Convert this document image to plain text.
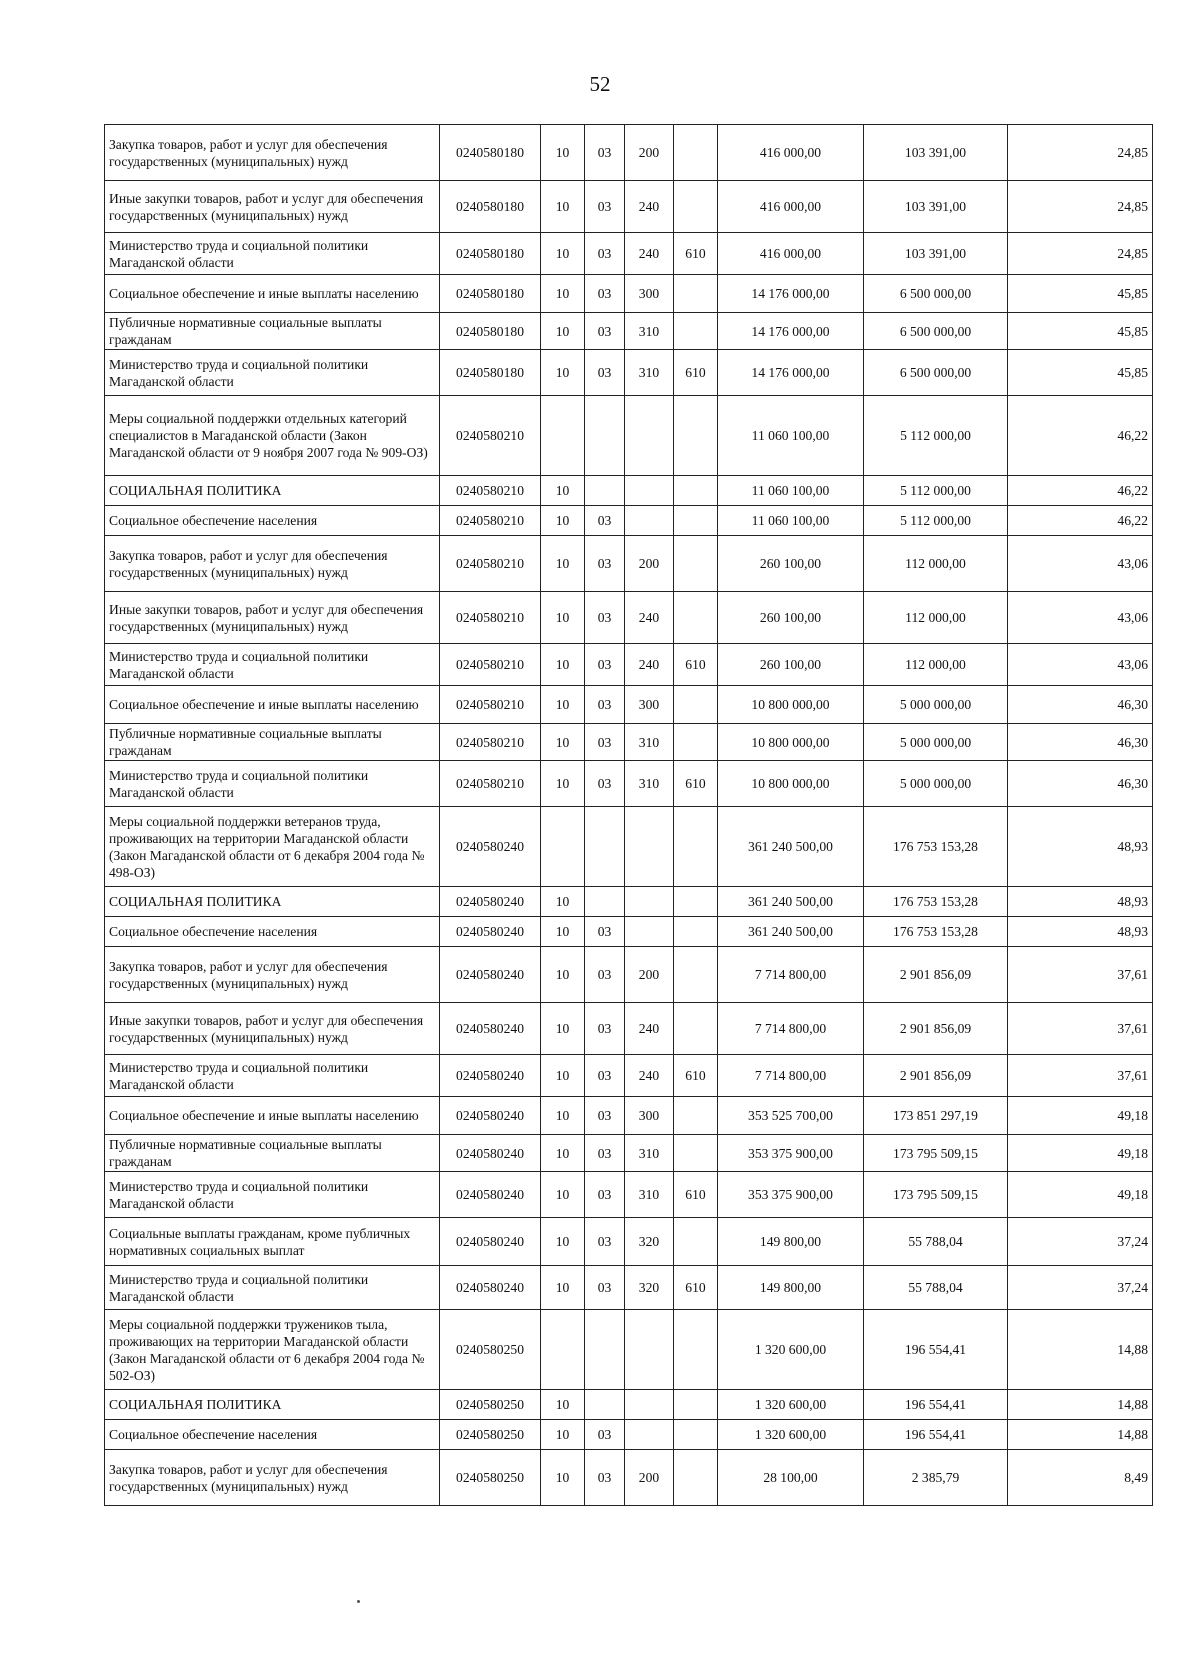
52
Закупка товаров, работ и услуг для обеспечения государственных (муниципальных) нужд	0240580180	10	03	200		416 000,00	103 391,00	24,85
Иные закупки товаров, работ и услуг для обеспечения государственных (муниципальных) нужд	0240580180	10	03	240		416 000,00	103 391,00	24,85
Министерство труда и социальной политики Магаданской области	0240580180	10	03	240	610	416 000,00	103 391,00	24,85
Социальное обеспечение и иные выплаты населению	0240580180	10	03	300		14 176 000,00	6 500 000,00	45,85
Публичные нормативные социальные выплаты гражданам	0240580180	10	03	310		14 176 000,00	6 500 000,00	45,85
Министерство труда и социальной политики Магаданской области	0240580180	10	03	310	610	14 176 000,00	6 500 000,00	45,85
Меры социальной поддержки отдельных категорий специалистов в Магаданской области (Закон Магаданской области от 9 ноября 2007 года № 909-ОЗ)	0240580210					11 060 100,00	5 112 000,00	46,22
СОЦИАЛЬНАЯ ПОЛИТИКА	0240580210	10				11 060 100,00	5 112 000,00	46,22
Социальное обеспечение населения	0240580210	10	03			11 060 100,00	5 112 000,00	46,22
Закупка товаров, работ и услуг для обеспечения государственных (муниципальных) нужд	0240580210	10	03	200		260 100,00	112 000,00	43,06
Иные закупки товаров, работ и услуг для обеспечения государственных (муниципальных) нужд	0240580210	10	03	240		260 100,00	112 000,00	43,06
Министерство труда и социальной политики Магаданской области	0240580210	10	03	240	610	260 100,00	112 000,00	43,06
Социальное обеспечение и иные выплаты населению	0240580210	10	03	300		10 800 000,00	5 000 000,00	46,30
Публичные нормативные социальные выплаты гражданам	0240580210	10	03	310		10 800 000,00	5 000 000,00	46,30
Министерство труда и социальной политики Магаданской области	0240580210	10	03	310	610	10 800 000,00	5 000 000,00	46,30
Меры социальной поддержки ветеранов труда, проживающих на территории Магаданской области (Закон Магаданской области от 6 декабря 2004 года № 498-ОЗ)	0240580240					361 240 500,00	176 753 153,28	48,93
СОЦИАЛЬНАЯ ПОЛИТИКА	0240580240	10				361 240 500,00	176 753 153,28	48,93
Социальное обеспечение населения	0240580240	10	03			361 240 500,00	176 753 153,28	48,93
Закупка товаров, работ и услуг для обеспечения государственных (муниципальных) нужд	0240580240	10	03	200		7 714 800,00	2 901 856,09	37,61
Иные закупки товаров, работ и услуг для обеспечения государственных (муниципальных) нужд	0240580240	10	03	240		7 714 800,00	2 901 856,09	37,61
Министерство труда и социальной политики Магаданской области	0240580240	10	03	240	610	7 714 800,00	2 901 856,09	37,61
Социальное обеспечение и иные выплаты населению	0240580240	10	03	300		353 525 700,00	173 851 297,19	49,18
Публичные нормативные социальные выплаты гражданам	0240580240	10	03	310		353 375 900,00	173 795 509,15	49,18
Министерство труда и социальной политики Магаданской области	0240580240	10	03	310	610	353 375 900,00	173 795 509,15	49,18
Социальные выплаты гражданам, кроме публичных нормативных социальных выплат	0240580240	10	03	320		149 800,00	55 788,04	37,24
Министерство труда и социальной политики Магаданской области	0240580240	10	03	320	610	149 800,00	55 788,04	37,24
Меры социальной поддержки тружеников тыла, проживающих на территории Магаданской области (Закон Магаданской области от 6 декабря 2004 года № 502-ОЗ)	0240580250					1 320 600,00	196 554,41	14,88
СОЦИАЛЬНАЯ ПОЛИТИКА	0240580250	10				1 320 600,00	196 554,41	14,88
Социальное обеспечение населения	0240580250	10	03			1 320 600,00	196 554,41	14,88
Закупка товаров, работ и услуг для обеспечения государственных (муниципальных) нужд	0240580250	10	03	200		28 100,00	2 385,79	8,49
